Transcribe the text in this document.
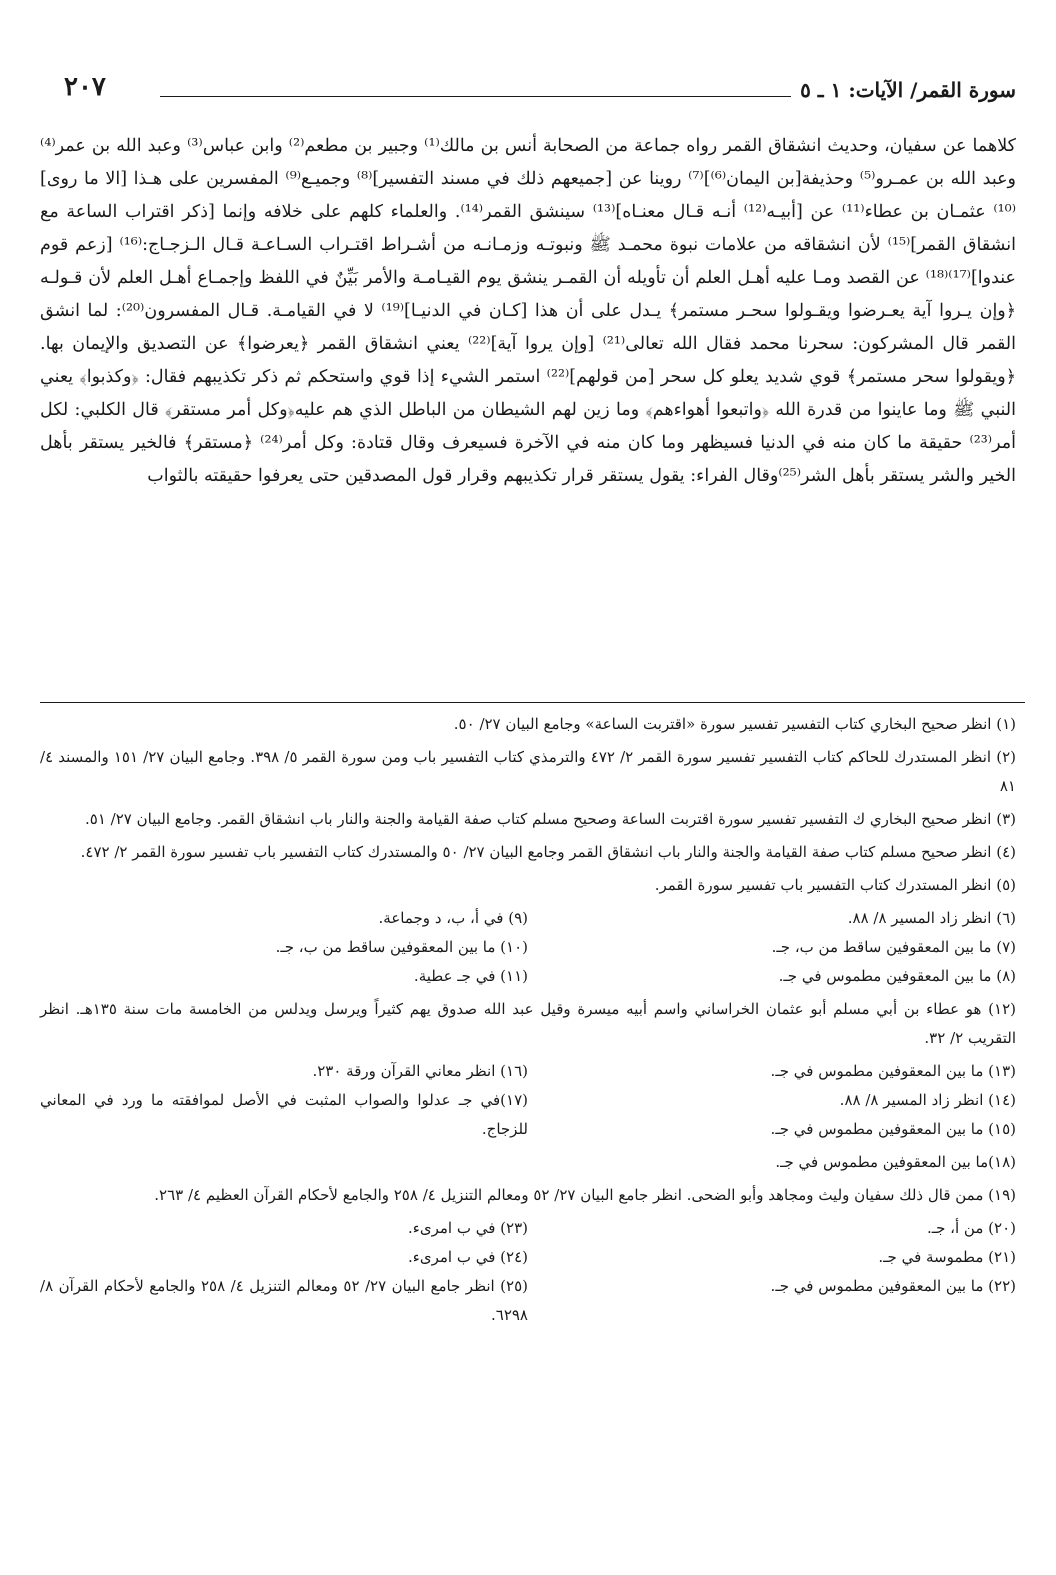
سورة القمر/ الآيات: ١ ـ ٥
٢٠٧

كلاهما عن سفيان، وحديث انشقاق القمر رواه جماعة من الصحابة أنس بن مالك⁽¹⁾ وجبير بن مطعم⁽²⁾ وابن عباس⁽³⁾ وعبد الله بن عمر⁽⁴⁾ وعبد الله بن عمـرو⁽⁵⁾ وحذيفة[بن اليمان⁽⁶⁾]⁽⁷⁾ روينا عن [جميعهم ذلك في مسند التفسير]⁽⁸⁾ وجميـع⁽⁹⁾ المفسرين على هـذا [الا ما روى]⁽¹⁰⁾ عثمـان بن عطاء⁽¹¹⁾ عن [أبيـه⁽¹²⁾ أنـه قـال معنـاه]⁽¹³⁾ سينشق القمر⁽¹⁴⁾. والعلماء كلهم على خلافه وإنما [ذكر اقتراب الساعة مع انشقاق القمر]⁽¹⁵⁾ لأن انشقاقه من علامات نبوة محمـد ﷺ ونبوتـه وزمـانـه من أشـراط اقتـراب السـاعـة قـال الـزجـاج:⁽¹⁶⁾ [زعم قوم عندوا]⁽¹⁷⁾⁽¹⁸⁾ عن القصد ومـا عليه أهـل العلم أن تأويله أن القمـر ينشق يوم القيـامـة والأمر بَيِّنٌ في اللفظ وإجمـاع أهـل العلم لأن قـولـه ﴿وإن يـروا آية يعـرضوا ويقـولوا سحـر مستمر﴾ يـدل على أن هذا [كـان في الدنيـا]⁽¹⁹⁾ لا في القيامـة. قـال المفسرون⁽²⁰⁾: لما انشق القمر قال المشركون: سحرنا محمد فقال الله تعالى⁽²¹⁾ [وإن يروا آية]⁽²²⁾ يعني انشقاق القمر ﴿يعرضوا﴾ عن التصديق والإيمان بها.﴿ويقولوا سحر مستمر﴾ قوي شديد يعلو كل سحر [من قولهم]⁽²²⁾ استمر الشيء إذا قوي واستحكم ثم ذكر تكذيبهم فقال: ﴿وكذبوا﴾ يعني النبي ﷺ وما عاينوا من قدرة الله ﴿واتبعوا أهواءهم﴾ وما زين لهم الشيطان من الباطل الذي هم عليه﴿وكل أمر مستقر﴾ قال الكلبي: لكل أمر⁽²³⁾ حقيقة ما كان منه في الدنيا فسيظهر وما كان منه في الآخرة فسيعرف وقال قتادة: وكل أمر⁽²⁴⁾ ﴿مستقر﴾ فالخير يستقر بأهل الخير والشر يستقر بأهل الشر⁽²⁵⁾وقال الفراء: يقول يستقر قرار تكذيبهم وقرار قول المصدقين حتى يعرفوا حقيقته بالثواب

(١) انظر صحيح البخاري كتاب التفسير تفسير سورة «اقتربت الساعة» وجامع البيان ٢٧/ ٥٠.

(٢) انظر المستدرك للحاكم كتاب التفسير تفسير سورة القمر ٢/ ٤٧٢ والترمذي كتاب التفسير باب ومن سورة القمر ٥/ ٣٩٨. وجامع البيان ٢٧/ ١٥١ والمسند ٤/ ٨١

(٣) انظر صحيح البخاري ك التفسير تفسير سورة اقتربت الساعة وصحيح مسلم كتاب صفة القيامة والجنة والنار باب انشقاق القمر. وجامع البيان ٢٧/ ٥١.

(٤) انظر صحيح مسلم كتاب صفة القيامة والجنة والنار باب انشقاق القمر وجامع البيان ٢٧/ ٥٠ والمستدرك كتاب التفسير باب تفسير سورة القمر ٢/ ٤٧٢.

(٥) انظر المستدرك كتاب التفسير باب تفسير سورة القمر.

(٦) انظر زاد المسير ٨/ ٨٨.

(٧) ما بين المعقوفين ساقط من ب، جـ.

(٨) ما بين المعقوفين مطموس في جـ.

(٩) في أ، ب، د وجماعة.

(١٠) ما بين المعقوفين ساقط من ب، جـ.

(١١) في جـ عطية.

(١٢) هو عطاء بن أبي مسلم أبو عثمان الخراساني واسم أبيه ميسرة وقيل عبد الله صدوق يهم كثيراً ويرسل ويدلس من الخامسة مات سنة ١٣٥هـ. انظر التقريب ٢/ ٣٢.

(١٣) ما بين المعقوفين مطموس في جـ.

(١٤) انظر زاد المسير ٨/ ٨٨.

(١٥) ما بين المعقوفين مطموس في جـ.

(١٦) انظر معاني القرآن ورقة ٢٣٠.

(١٧)في جـ عدلوا والصواب المثبت في الأصل لموافقته ما ورد في المعاني للزجاج.

(١٨)ما بين المعقوفين مطموس في جـ.

(١٩) ممن قال ذلك سفيان وليث ومجاهد وأبو الضحى. انظر جامع البيان ٢٧/ ٥٢ ومعالم التنزيل ٤/ ٢٥٨ والجامع لأحكام القرآن العظيم ٤/ ٢٦٣.

(٢٠) من أ، جـ.

(٢١) مطموسة في جـ.

(٢٢) ما بين المعقوفين مطموس في جـ.

(٢٣) في ب امرىء.

(٢٤) في ب امرىء.

(٢٥) انظر جامع البيان ٢٧/ ٥٢ ومعالم التنزيل ٤/ ٢٥٨ والجامع لأحكام القرآن ٨/ ٦٢٩٨.
